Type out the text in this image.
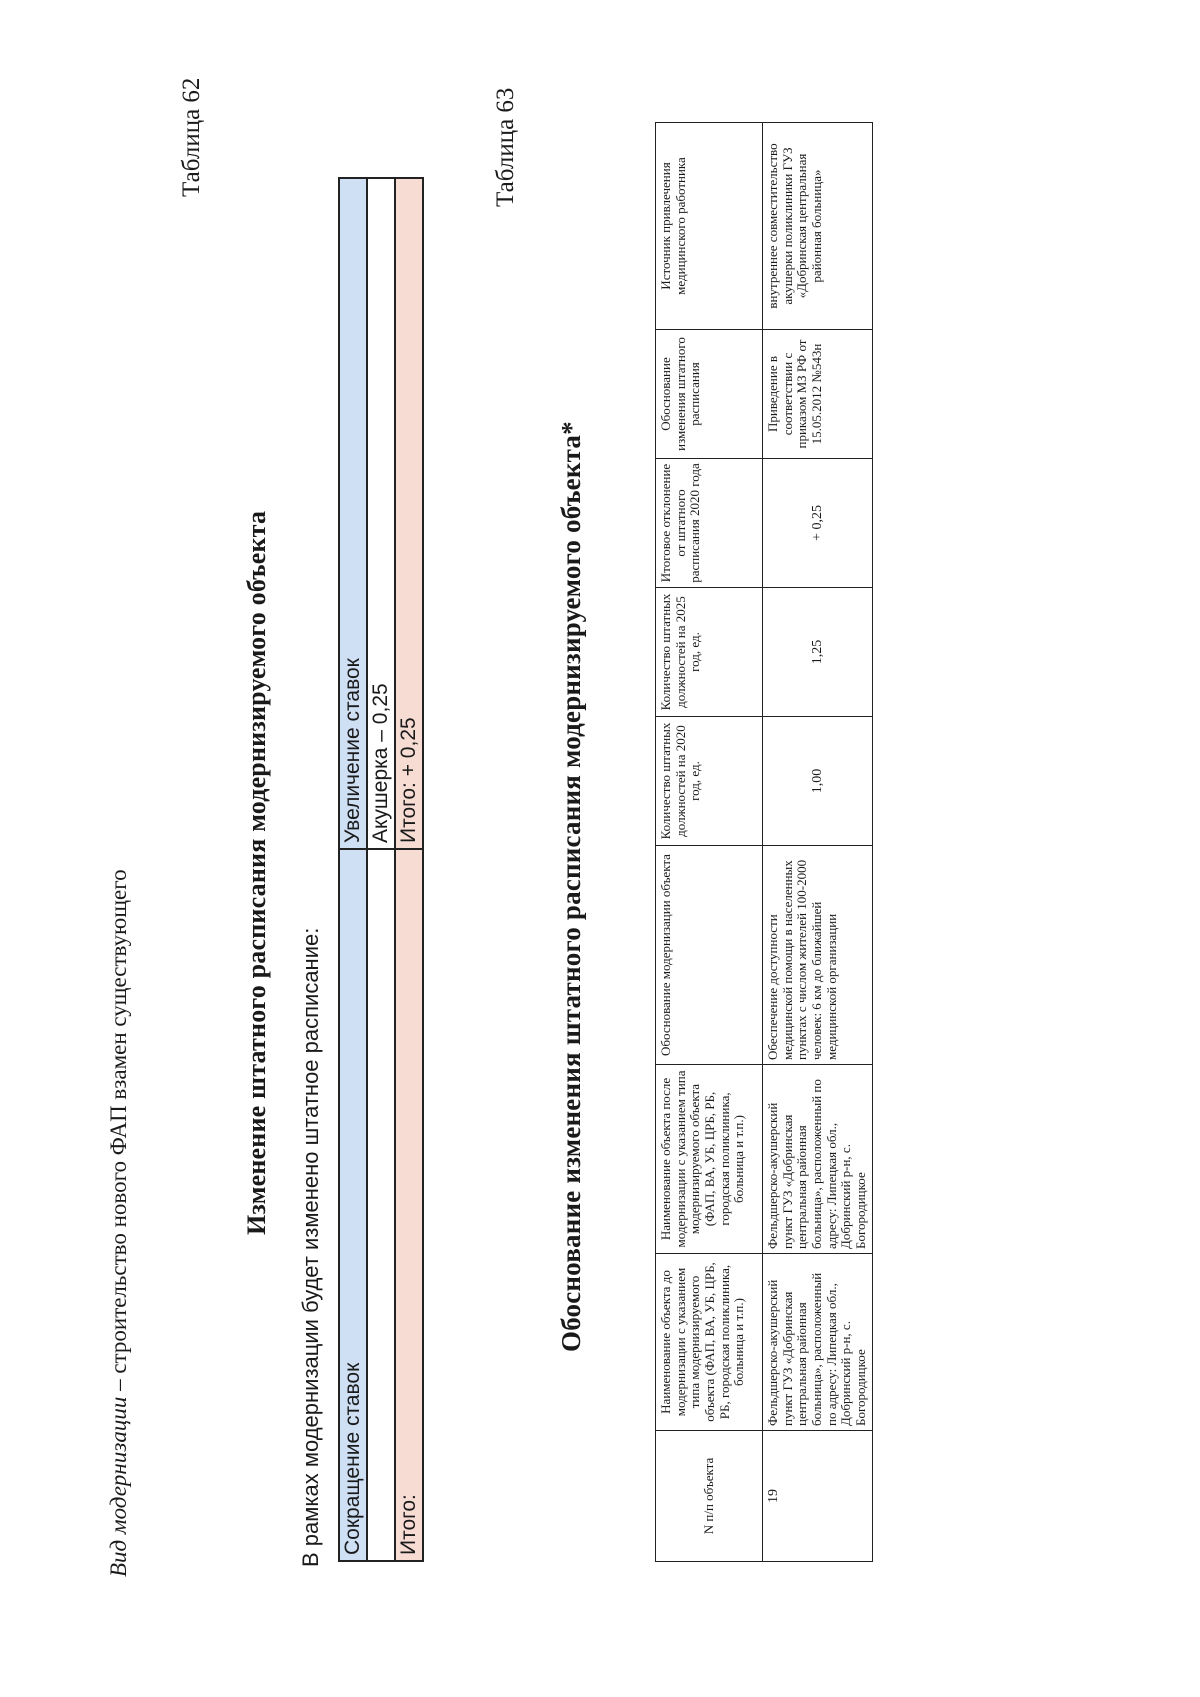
Вид модернизации – строительство нового ФАП взамен существующего
Таблица 62
Изменение штатного расписания модернизируемого объекта
В рамках модернизации будет изменено штатное расписание: Сокращение ставок	Увеличение ставок
	Акушерка – 0,25
Итого:	Итого: + 0,25
Таблица 63
Обоснование изменения штатного расписания модернизируемого объекта*
N п/п объекта	Наименование объекта до модернизации с указанием типа модернизируемого объекта (ФАП, ВА, УБ, ЦРБ, РБ, городская поликлиника, больница и т.п.)	Наименование объекта после модернизации с указанием типа модернизируемого объекта (ФАП, ВА, УБ, ЦРБ, РБ, городская поликлиника, больница и т.п.)	Обоснование модернизации объекта	Количество штатных должностей на 2020 год, ед.	Количество штатных должностей на 2025 год, ед.	Итоговое отклонение от штатного расписания 2020 года	Обоснование изменения штатного расписания	Источник привлечения медицинского работника
19	Фельдшерско-акушерский пункт ГУЗ «Добринская центральная районная больница», расположенный по адресу: Липецкая обл., Добринский р-н, с. Богородицкое	Фельдшерско-акушерский пункт ГУЗ «Добринская центральная районная больница», расположенный по адресу: Липецкая обл., Добринский р-н, с. Богородицкое	Обеспечение доступности медицинской помощи в населенных пунктах с числом жителей 100-2000 человек: 6 км до ближайшей медицинской организации	1,00	1,25	+ 0,25	Приведение в соответствии с приказом МЗ РФ от 15.05.2012 №543н	внутреннее совместительство акушерки поликлиники ГУЗ «Добринская центральная районная больница»
